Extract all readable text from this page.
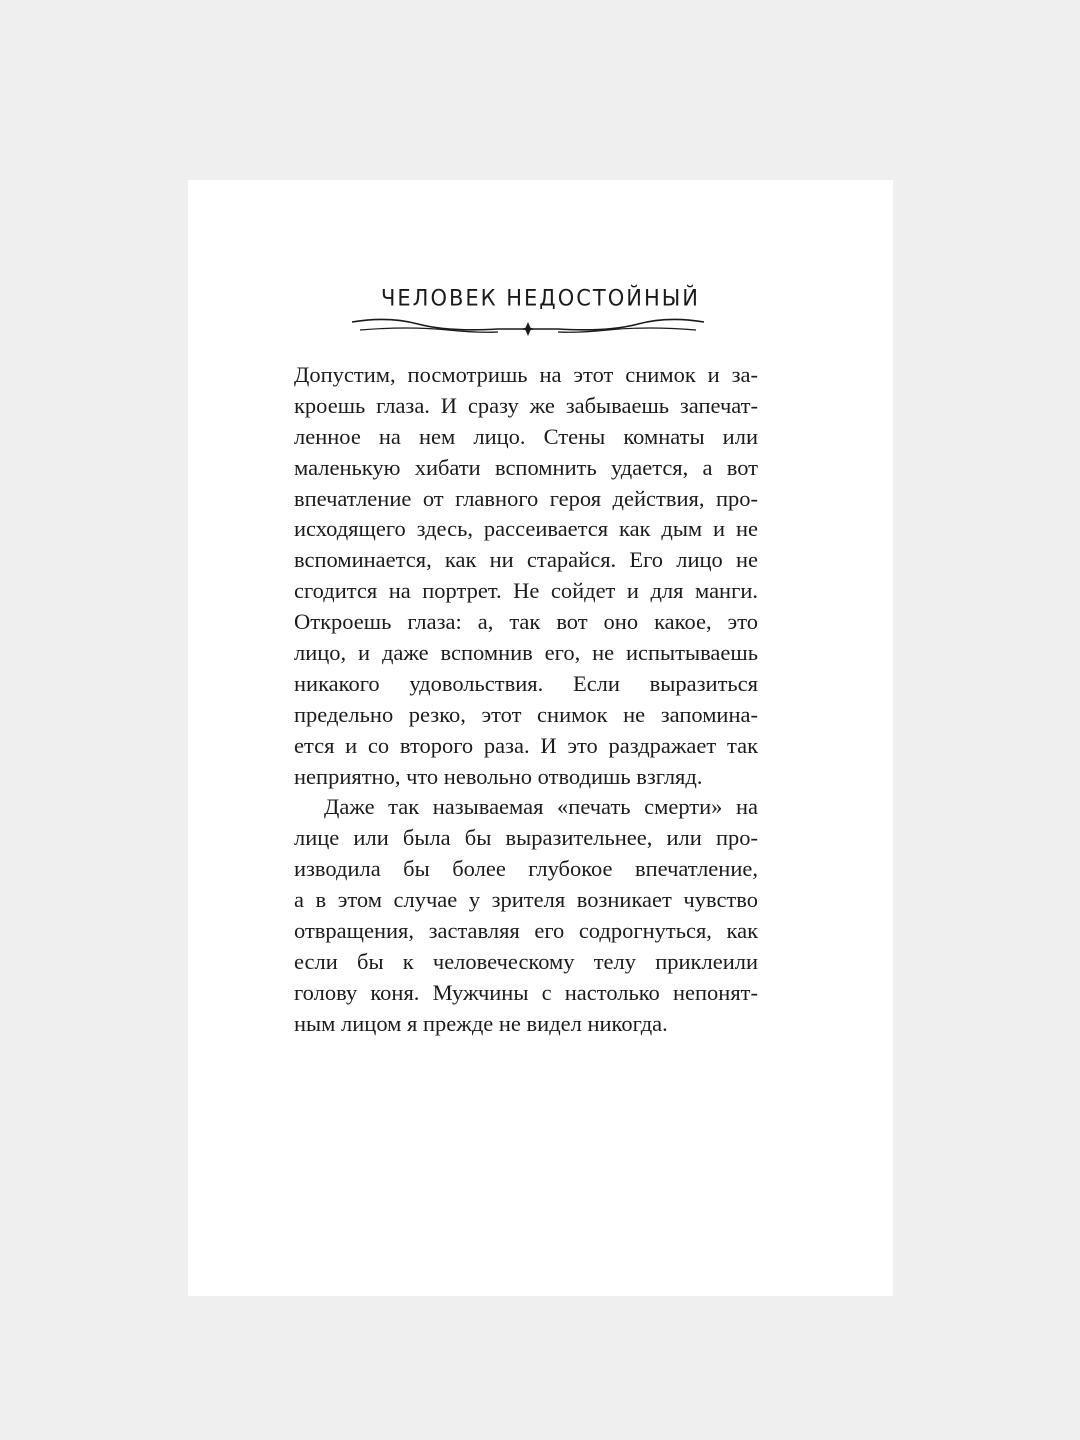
ЧЕЛОВЕК НЕДОСТОЙНЫЙ
Допустим, посмотришь на этот снимок и за-
кроешь глаза. И сразу же забываешь запечат-
ленное на нем лицо. Стены комнаты или
маленькую хибати вспомнить удается, а вот
впечатление от главного героя действия, про-
исходящего здесь, рассеивается как дым и не
вспоминается, как ни старайся. Его лицо не
сгодится на портрет. Не сойдет и для манги.
Откроешь глаза: а, так вот оно какое, это
лицо, и даже вспомнив его, не испытываешь
никакого удовольствия. Если выразиться
предельно резко, этот снимок не запомина-
ется и со второго раза. И это раздражает так
неприятно, что невольно отводишь взгляд.
Даже так называемая «печать смерти» на
лице или была бы выразительнее, или про-
изводила бы более глубокое впечатление,
а в этом случае у зрителя возникает чувство
отвращения, заставляя его содрогнуться, как
если бы к человеческому телу приклеили
голову коня. Мужчины с настолько непонят-
ным лицом я прежде не видел никогда.
